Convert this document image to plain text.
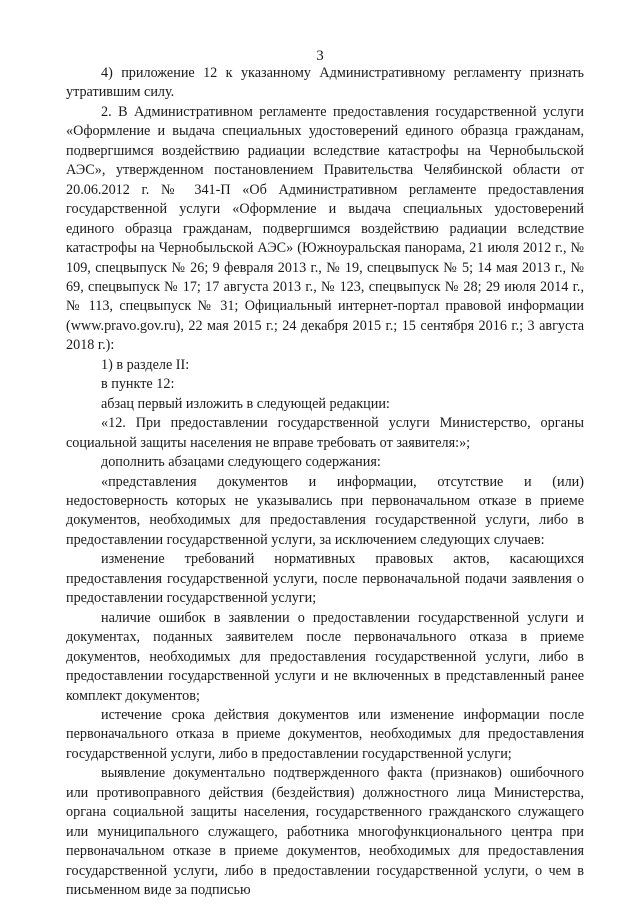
3

4) приложение 12 к указанному Административному регламенту признать утратившим силу.

2. В Административном регламенте предоставления государственной услуги «Оформление и выдача специальных удостоверений единого образца гражданам, подвергшимся воздействию радиации вследствие катастрофы на Чернобыльской АЭС», утвержденном постановлением Правительства Челябинской области от 20.06.2012 г. № 341-П «Об Административном регламенте предоставления государственной услуги «Оформление и выдача специальных удостоверений единого образца гражданам, подвергшимся воздействию радиации вследствие катастрофы на Чернобыльской АЭС» (Южноуральская панорама, 21 июля 2012 г., № 109, спецвыпуск № 26; 9 февраля 2013 г., № 19, спецвыпуск № 5; 14 мая 2013 г., № 69, спецвыпуск № 17; 17 августа 2013 г., № 123, спецвыпуск № 28; 29 июля 2014 г., № 113, спецвыпуск № 31; Официальный интернет-портал правовой информации (www.pravo.gov.ru), 22 мая 2015 г.; 24 декабря 2015 г.; 15 сентября 2016 г.; 3 августа 2018 г.):

1) в разделе II:

в пункте 12:

абзац первый изложить в следующей редакции:

«12. При предоставлении государственной услуги Министерство, органы социальной защиты населения не вправе требовать от заявителя:»;

дополнить абзацами следующего содержания:

«представления документов и информации, отсутствие и (или) недостоверность которых не указывались при первоначальном отказе в приеме документов, необходимых для предоставления государственной услуги, либо в предоставлении государственной услуги, за исключением следующих случаев:

изменение требований нормативных правовых актов, касающихся предоставления государственной услуги, после первоначальной подачи заявления о предоставлении государственной услуги;

наличие ошибок в заявлении о предоставлении государственной услуги и документах, поданных заявителем после первоначального отказа в приеме документов, необходимых для предоставления государственной услуги, либо в предоставлении государственной услуги и не включенных в представленный ранее комплект документов;

истечение срока действия документов или изменение информации после первоначального отказа в приеме документов, необходимых для предоставления государственной услуги, либо в предоставлении государственной услуги;

выявление документально подтвержденного факта (признаков) ошибочного или противоправного действия (бездействия) должностного лица Министерства, органа социальной защиты населения, государственного гражданского служащего или муниципального служащего, работника многофункционального центра при первоначальном отказе в приеме документов, необходимых для предоставления государственной услуги, либо в предоставлении государственной услуги, о чем в письменном виде за подписью
